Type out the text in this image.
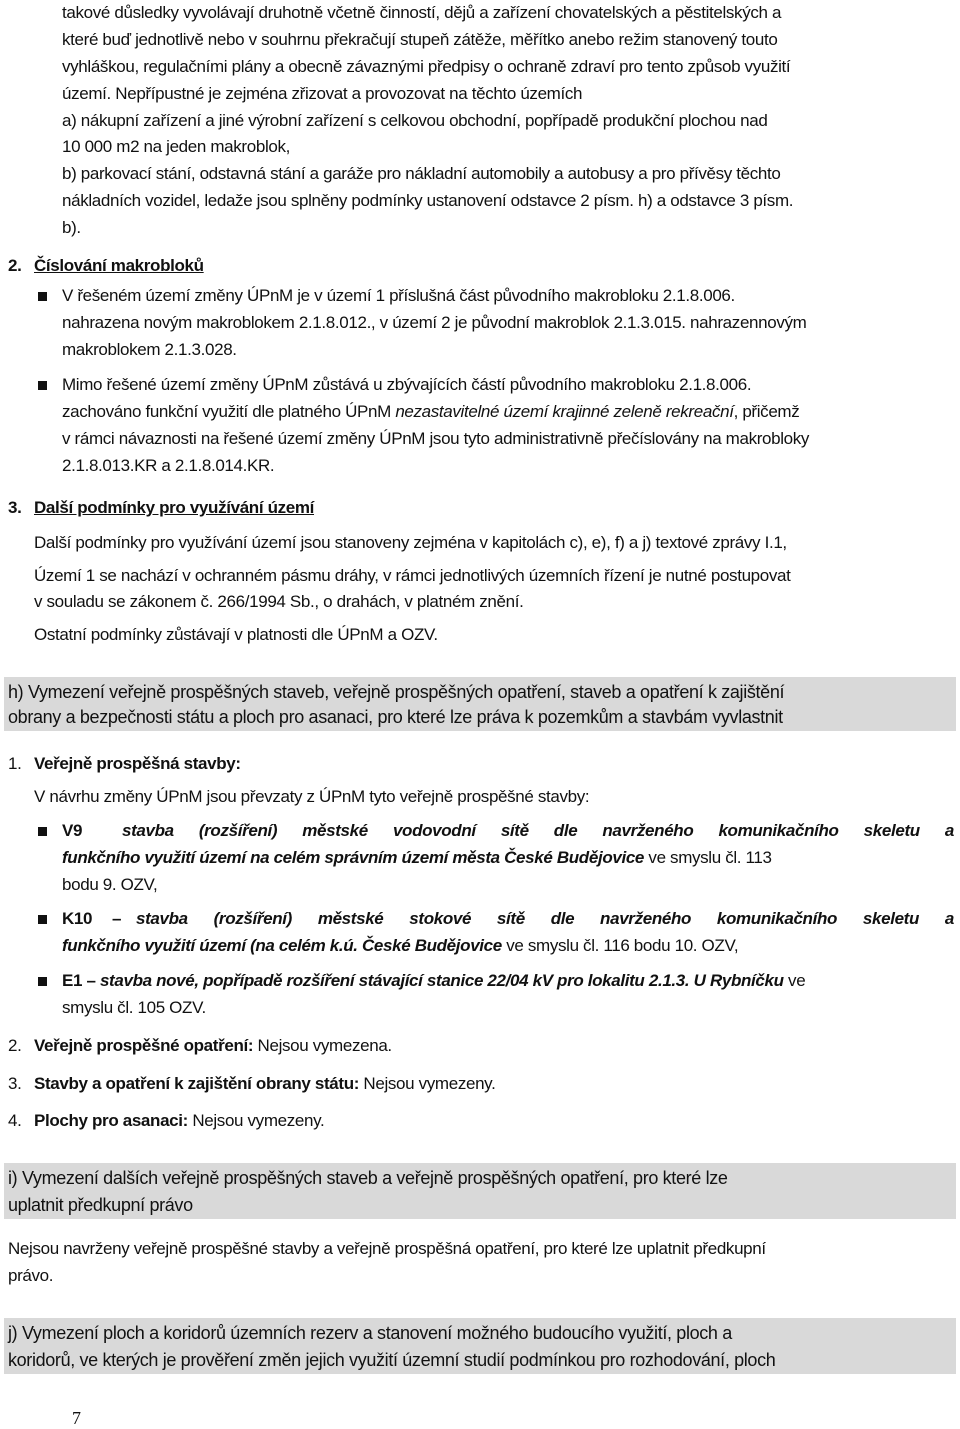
takové důsledky vyvolávají druhotně včetně činností, dějů a zařízení chovatelských a pěstitelských a
které buď jednotlivě nebo v souhrnu překračují stupeň zátěže, měřítko anebo režim stanovený touto
vyhláškou, regulačními plány a obecně závaznými předpisy o ochraně zdraví pro tento způsob využití
území. Nepřípustné je zejména zřizovat a provozovat na těchto územích
a) nákupní zařízení a jiné výrobní zařízení s celkovou obchodní, popřípadě produkční plochou nad
10 000 m2 na jeden makroblok,
b) parkovací stání, odstavná stání a garáže pro nákladní automobily a autobusy a pro přívěsy těchto
nákladních vozidel, ledaže jsou splněny podmínky ustanovení odstavce 2 písm. h) a odstavce 3 písm.
b).
2. Číslování makrobloků
V řešeném území změny ÚPnM je v území 1 příslušná část původního makrobloku 2.1.8.006.
nahrazena novým makroblokem 2.1.8.012., v území 2 je původní makroblok 2.1.3.015. nahrazennovým
makroblokem 2.1.3.028.
Mimo řešené území změny ÚPnM zůstává u zbývajících částí původního makrobloku 2.1.8.006.
zachováno funkční využití dle platného ÚPnM nezastavitelné území krajinné zeleně rekreační, přičemž
v rámci návaznosti na řešené území změny ÚPnM jsou tyto administrativně přečíslovány na makrobloky
2.1.8.013.KR a 2.1.8.014.KR.
3. Další podmínky pro využívání území
Další podmínky pro využívání území jsou stanoveny zejména v kapitolách c), e), f) a j) textové zprávy I.1,
Území 1 se nachází v ochranném pásmu dráhy, v rámci jednotlivých územních řízení je nutné postupovat
v souladu se zákonem č. 266/1994 Sb., o drahách, v platném znění.
Ostatní podmínky zůstávají v platnosti dle ÚPnM a OZV.
h) Vymezení veřejně prospěšných staveb, veřejně prospěšných opatření, staveb a opatření k zajištění
obrany a bezpečnosti státu a ploch pro asanaci, pro které lze práva k pozemkům a stavbám vyvlastnit
1. Veřejně prospěšná stavby:
V návrhu změny ÚPnM jsou převzaty z ÚPnM tyto veřejně prospěšné stavby:
V9 stavba (rozšíření) městské vodovodní sítě dle navrženého komunikačního skeletu a
funkčního využití území na celém správním území města České Budějovice ve smyslu čl. 113
bodu 9. OZV,
K10 – stavba (rozšíření) městské stokové sítě dle navrženého komunikačního skeletu a
funkčního využití území (na celém k.ú. České Budějovice ve smyslu čl. 116 bodu 10. OZV,
E1 – stavba nové, popřípadě rozšíření stávající stanice 22/04 kV pro lokalitu 2.1.3. U Rybníčku ve
smyslu čl. 105 OZV.
2. Veřejně prospěšné opatření: Nejsou vymezena.
3. Stavby a opatření k zajištění obrany státu: Nejsou vymezeny.
4. Plochy pro asanaci: Nejsou vymezeny.
i) Vymezení dalších veřejně prospěšných staveb a veřejně prospěšných opatření, pro které lze
uplatnit předkupní právo
Nejsou navrženy veřejně prospěšné stavby a veřejně prospěšná opatření, pro které lze uplatnit předkupní
právo.
j) Vymezení ploch a koridorů územních rezerv a stanovení možného budoucího využití, ploch a
koridorů, ve kterých je prověření změn jejich využití územní studií podmínkou pro rozhodování, ploch
7
